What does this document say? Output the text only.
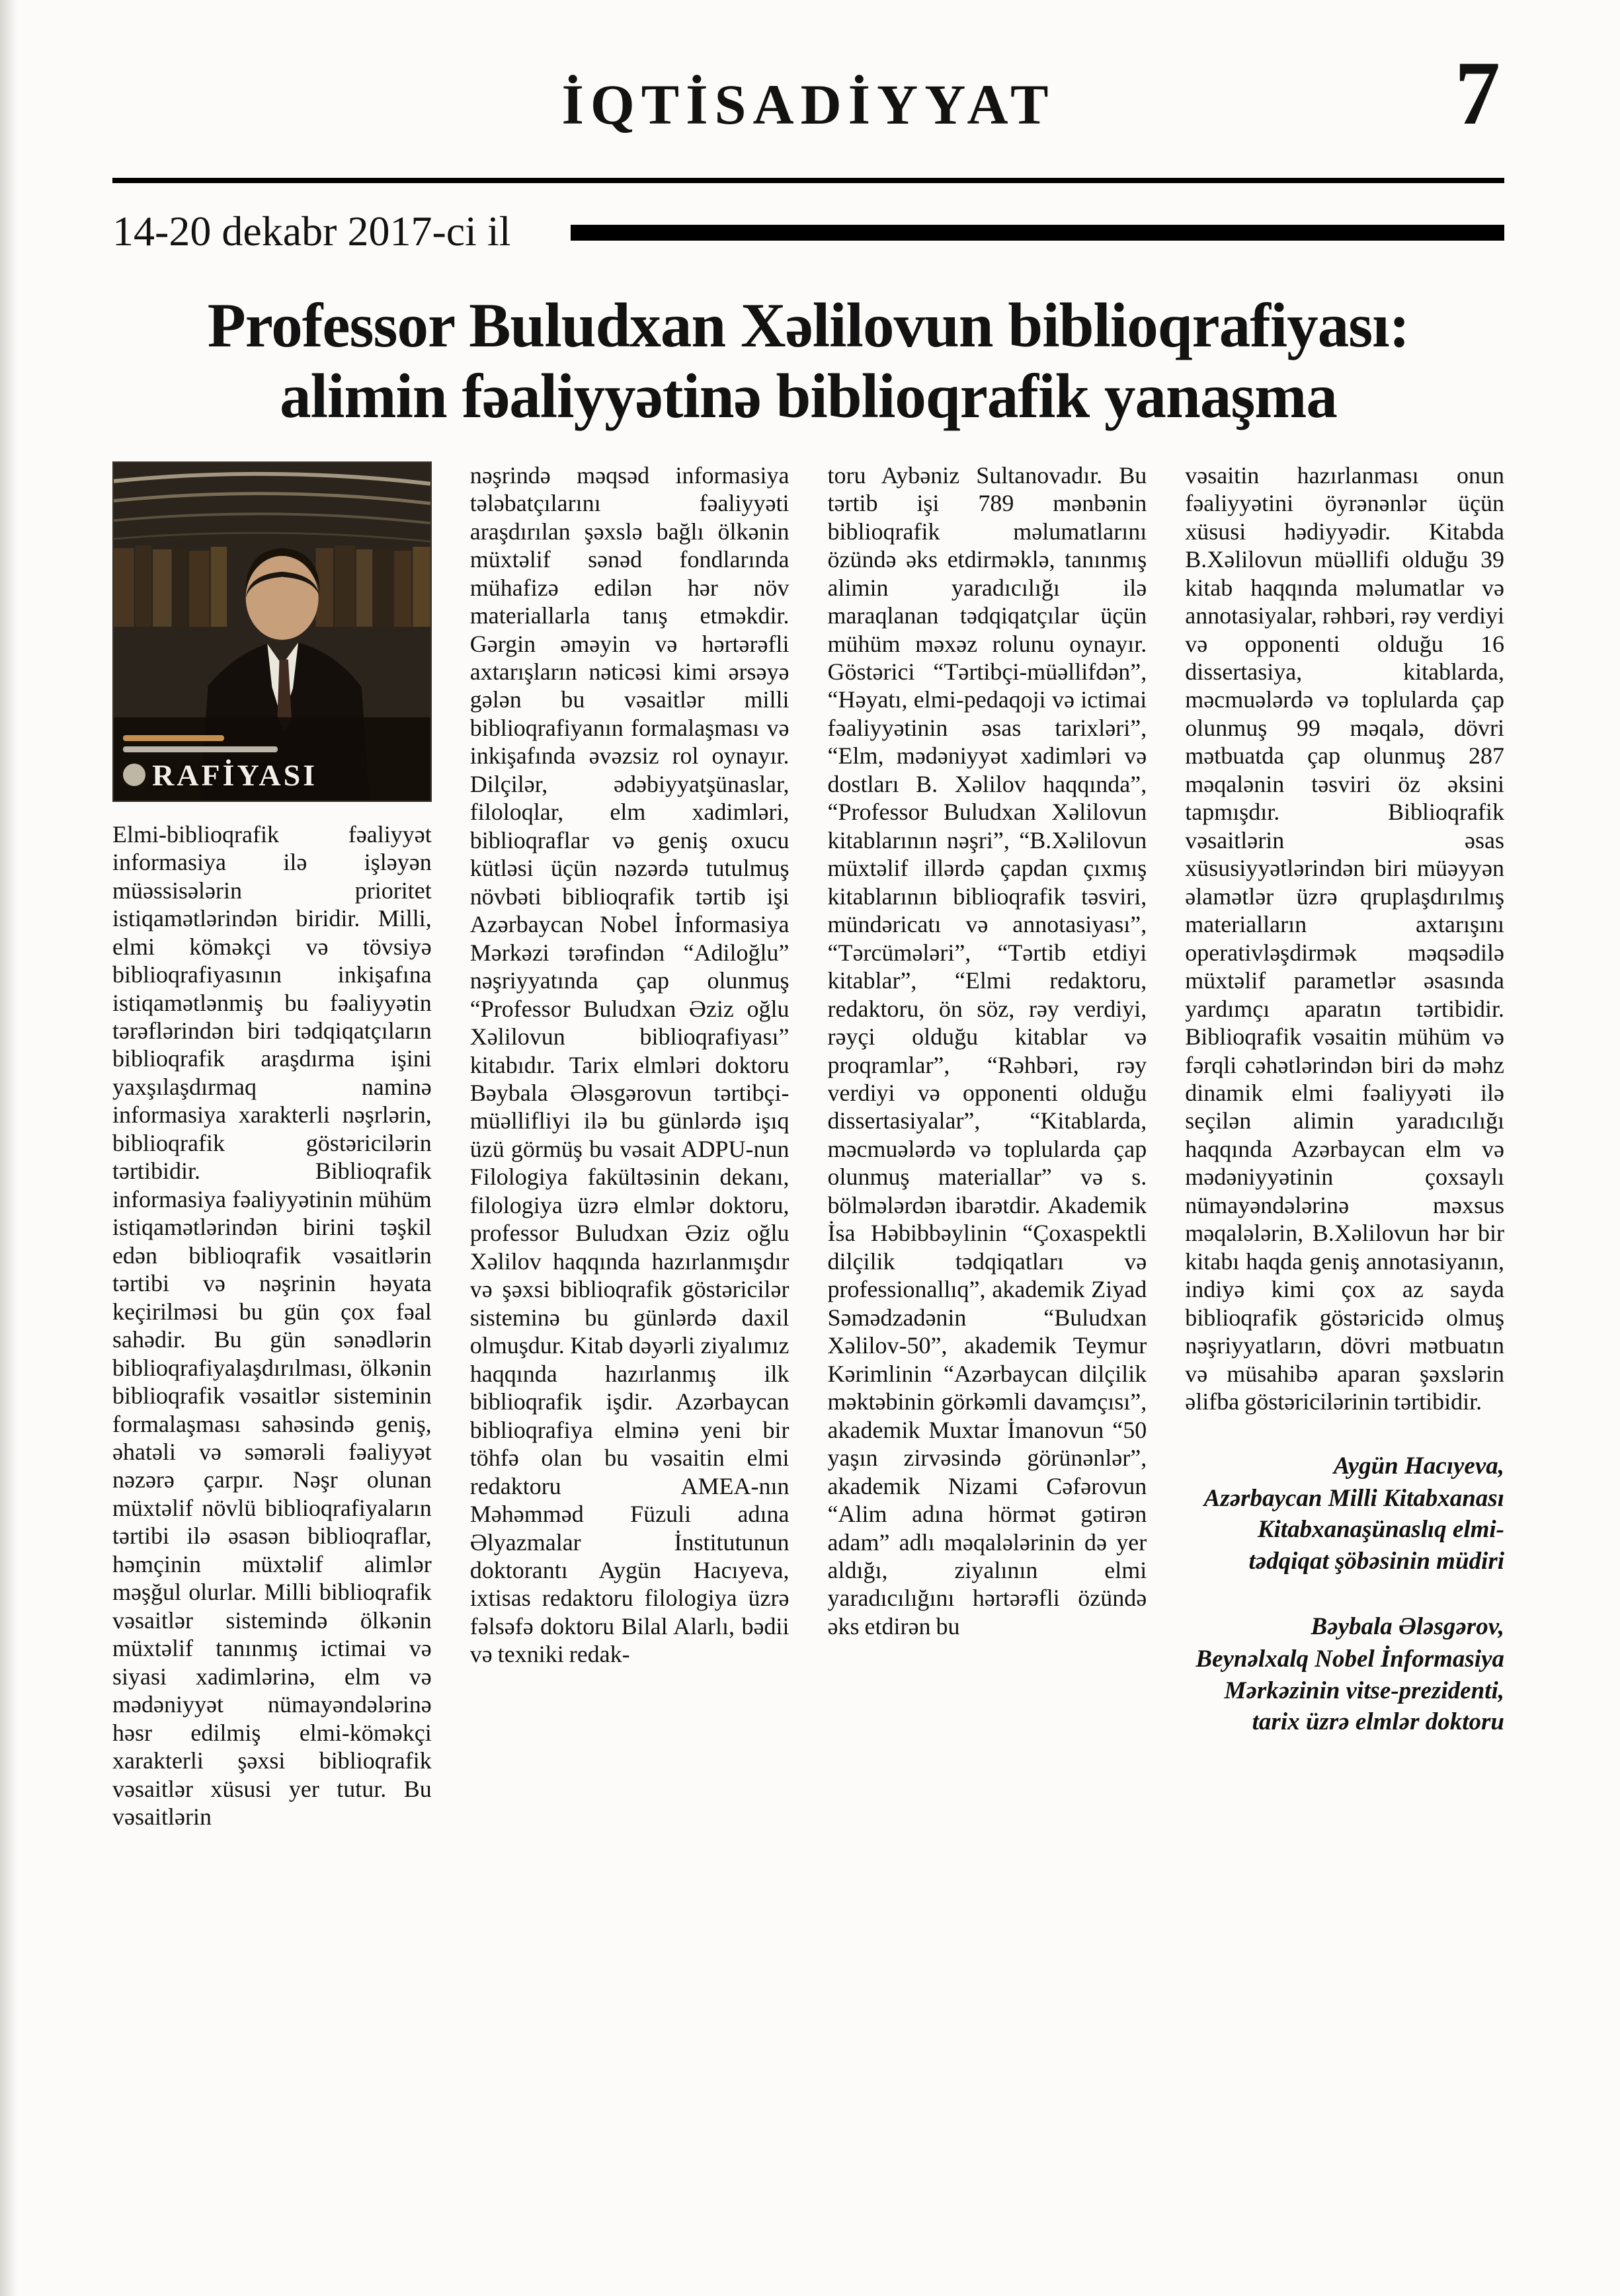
İQTİSADİYYAT	7
14-20 dekabr 2017-ci il
Professor Buludxan Xəlilovun biblioqrafiyası:
alimin fəaliyyətinə biblioqrafik yanaşma
RAFİYASI

Elmi-biblioqrafik fəaliyyət informasiya ilə işləyən müəssisələrin prioritet istiqamətlərindən biridir. Milli, elmi köməkçi və tövsiyə biblioqrafiyasının inkişafına istiqamətlənmiş bu fəaliyyətin tərəflərindən biri tədqiqatçıların biblioqrafik araşdırma işini yaxşılaşdırmaq naminə informasiya xarakterli nəşrlərin, biblioqrafik göstəricilərin tərtibidir. Biblioqrafik informasiya fəaliyyətinin mühüm istiqamətlərindən birini təşkil edən biblioqrafik vəsaitlərin tərtibi və nəşrinin həyata keçirilməsi bu gün çox fəal sahədir. Bu gün sənədlərin biblioqrafiyalaşdırılması, ölkənin biblioqrafik vəsaitlər sisteminin formalaşması sahəsində geniş, əhatəli və səmərəli fəaliyyət nəzərə çarpır. Nəşr olunan müxtəlif növlü biblioqrafiyaların tərtibi ilə əsasən biblioqraflar, həmçinin müxtəlif alimlər məşğul olurlar. Milli biblioqrafik vəsaitlər sistemində ölkənin müxtəlif tanınmış ictimai və siyasi xadimlərinə, elm və mədəniyyət nümayəndələrinə həsr edilmiş elmi-köməkçi xarakterli şəxsi biblioqrafik vəsaitlər xüsusi yer tutur. Bu vəsaitlərin

nəşrində məqsəd informasiya tələbatçılarını fəaliyyəti araşdırılan şəxslə bağlı ölkənin müxtəlif sənəd fondlarında mühafizə edilən hər növ materiallarla tanış etməkdir. Gərgin əməyin və hərtərəfli axtarışların nəticəsi kimi ərsəyə gələn bu vəsaitlər milli biblioqrafiyanın formalaşması və inkişafında əvəzsiz rol oynayır. Dilçilər, ədəbiyyatşünaslar, filoloqlar, elm xadimləri, biblioqraflar və geniş oxucu kütləsi üçün nəzərdə tutulmuş növbəti biblioqrafik tərtib işi Azərbaycan Nobel İnformasiya Mərkəzi tərəfindən “Adiloğlu” nəşriyyatında çap olunmuş “Professor Buludxan Əziz oğlu Xəlilovun biblioqrafiyası” kitabıdır. Tarix elmləri doktoru Bəybala Ələsgərovun tərtibçi-müəllifliyi ilə bu günlərdə işıq üzü görmüş bu vəsait ADPU-nun Filologiya fakültəsinin dekanı, filologiya üzrə elmlər doktoru, professor Buludxan Əziz oğlu Xəlilov haqqında hazırlanmışdır və şəxsi biblioqrafik göstəricilər sisteminə bu günlərdə daxil olmuşdur. Kitab dəyərli ziyalımız haqqında hazırlanmış ilk biblioqrafik işdir. Azərbaycan biblioqrafiya elminə yeni bir töhfə olan bu vəsaitin elmi redaktoru AMEA-nın Məhəmməd Füzuli adına Əlyazmalar İnstitutunun doktorantı Aygün Hacıyeva, ixtisas redaktoru filologiya üzrə fəlsəfə doktoru Bilal Alarlı, bədii və texniki redak-

toru Aybəniz Sultanovadır. Bu tərtib işi 789 mənbənin biblioqrafik məlumatlarını özündə əks etdirməklə, tanınmış alimin yaradıcılığı ilə maraqlanan tədqiqatçılar üçün mühüm məxəz rolunu oynayır. Göstərici “Tərtibçi-müəllifdən”, “Həyatı, elmi-pedaqoji və ictimai fəaliyyətinin əsas tarixləri”, “Elm, mədəniyyət xadimləri və dostları B. Xəlilov haqqında”, “Professor Buludxan Xəlilovun kitablarının nəşri”, “B.Xəlilovun müxtəlif illərdə çapdan çıxmış kitablarının biblioqrafik təsviri, mündəricatı və annotasiyası”, “Tərcümələri”, “Tərtib etdiyi kitablar”, “Elmi redaktoru, redaktoru, ön söz, rəy verdiyi, rəyçi olduğu kitablar və proqramlar”, “Rəhbəri, rəy verdiyi və opponenti olduğu dissertasiyalar”, “Kitablarda, məcmuələrdə və toplularda çap olunmuş materiallar” və s. bölmələrdən ibarətdir. Akademik İsa Həbibbəylinin “Çoxaspektli dilçilik tədqiqatları və professionallıq”, akademik Ziyad Səmədzadənin “Buludxan Xəlilov-50”, akademik Teymur Kərimlinin “Azərbaycan dilçilik məktəbinin görkəmli davamçısı”, akademik Muxtar İmanovun “50 yaşın zirvəsində görünənlər”, akademik Nizami Cəfərovun “Alim adına hörmət gətirən adam” adlı məqalələrinin də yer aldığı, ziyalının elmi yaradıcılığını hərtərəfli özündə əks etdirən bu

vəsaitin hazırlanması onun fəaliyyətini öyrənənlər üçün xüsusi hədiyyədir. Kitabda B.Xəlilovun müəllifi olduğu 39 kitab haqqında məlumatlar və annotasiyalar, rəhbəri, rəy verdiyi və opponenti olduğu 16 dissertasiya, kitablarda, məcmuələrdə və toplularda çap olunmuş 99 məqalə, dövri mətbuatda çap olunmuş 287 məqalənin təsviri öz əksini tapmışdır. Biblioqrafik vəsaitlərin əsas xüsusiyyətlərindən biri müəyyən əlamətlər üzrə qruplaşdırılmış materialların axtarışını operativləşdirmək məqsədilə müxtəlif parametlər əsasında yardımçı aparatın tərtibidir. Biblioqrafik vəsaitin mühüm və fərqli cəhətlərindən biri də məhz dinamik elmi fəaliyyəti ilə seçilən alimin yaradıcılığı haqqında Azərbaycan elm və mədəniyyətinin çoxsaylı nümayəndələrinə məxsus məqalələrin, B.Xəlilovun hər bir kitabı haqda geniş annotasiyanın, indiyə kimi çox az sayda biblioqrafik göstəricidə olmuş nəşriyyatların, dövri mətbuatın və müsahibə aparan şəxslərin əlifba göstəricilərinin tərtibidir.

Aygün Hacıyeva,
Azərbaycan Milli Kitabxanası Kitabxanaşünaslıq elmi-tədqiqat şöbəsinin müdiri
Bəybala Ələsgərov,
Beynəlxalq Nobel İnformasiya Mərkəzinin vitse-prezidenti, tarix üzrə elmlər doktoru
